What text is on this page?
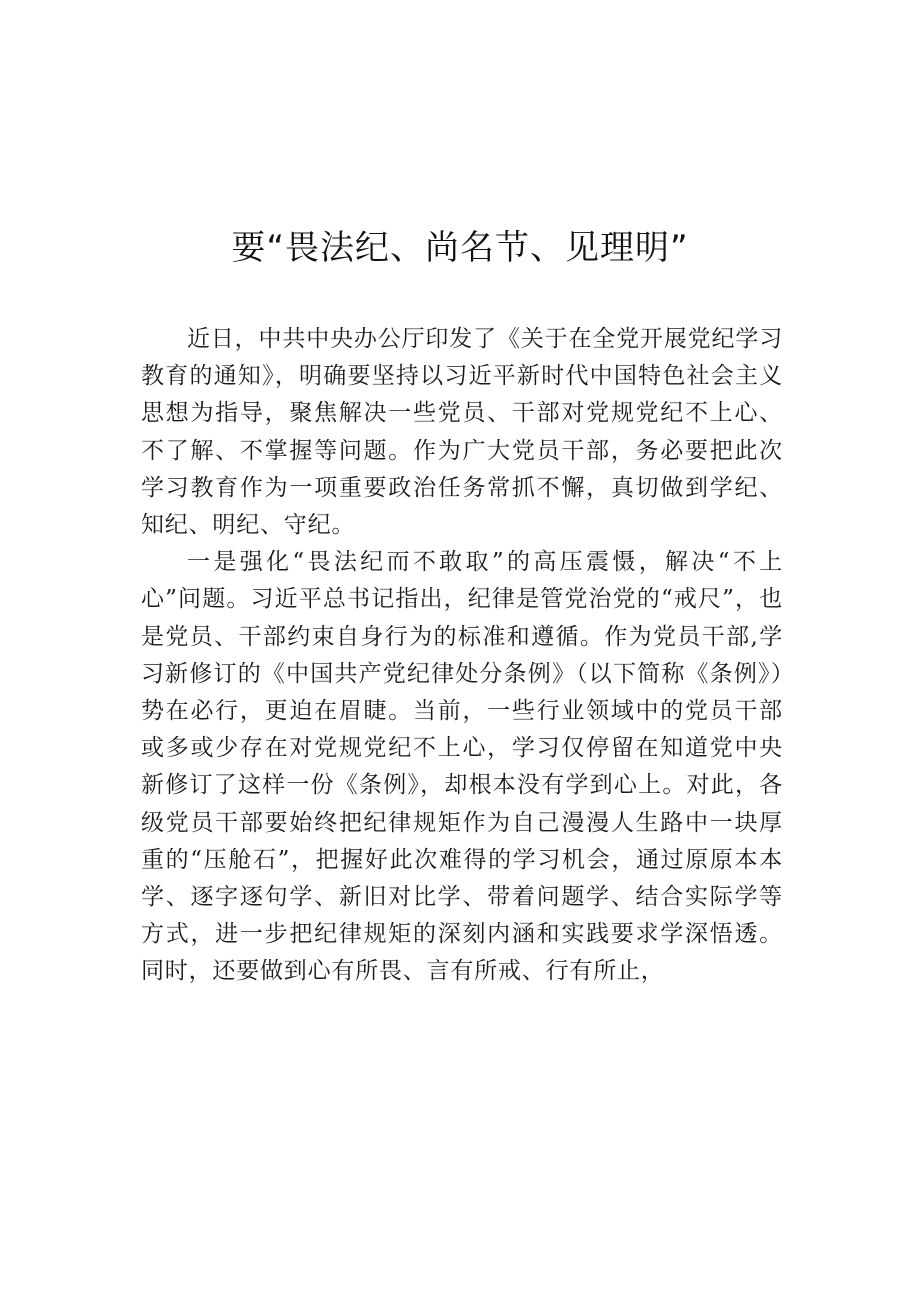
要“畏法纪、尚名节、见理明”

近日，中共中央办公厅印发了《关于在全党开展党纪学习教育的通知》，明确要坚持以习近平新时代中国特色社会主义思想为指导，聚焦解决一些党员、干部对党规党纪不上心、不了解、不掌握等问题。作为广大党员干部，务必要把此次学习教育作为一项重要政治任务常抓不懈，真切做到学纪、知纪、明纪、守纪。

一是强化“畏法纪而不敢取”的高压震慑，解决“不上心”问题。习近平总书记指出，纪律是管党治党的“戒尺”，也是党员、干部约束自身行为的标准和遵循。作为党员干部,学习新修订的《中国共产党纪律处分条例》（以下简称《条例》）势在必行，更迫在眉睫。当前，一些行业领域中的党员干部或多或少存在对党规党纪不上心，学习仅停留在知道党中央新修订了这样一份《条例》，却根本没有学到心上。对此，各级党员干部要始终把纪律规矩作为自己漫漫人生路中一块厚重的“压舱石”，把握好此次难得的学习机会，通过原原本本学、逐字逐句学、新旧对比学、带着问题学、结合实际学等方式，进一步把纪律规矩的深刻内涵和实践要求学深悟透。同时，还要做到心有所畏、言有所戒、行有所止，
